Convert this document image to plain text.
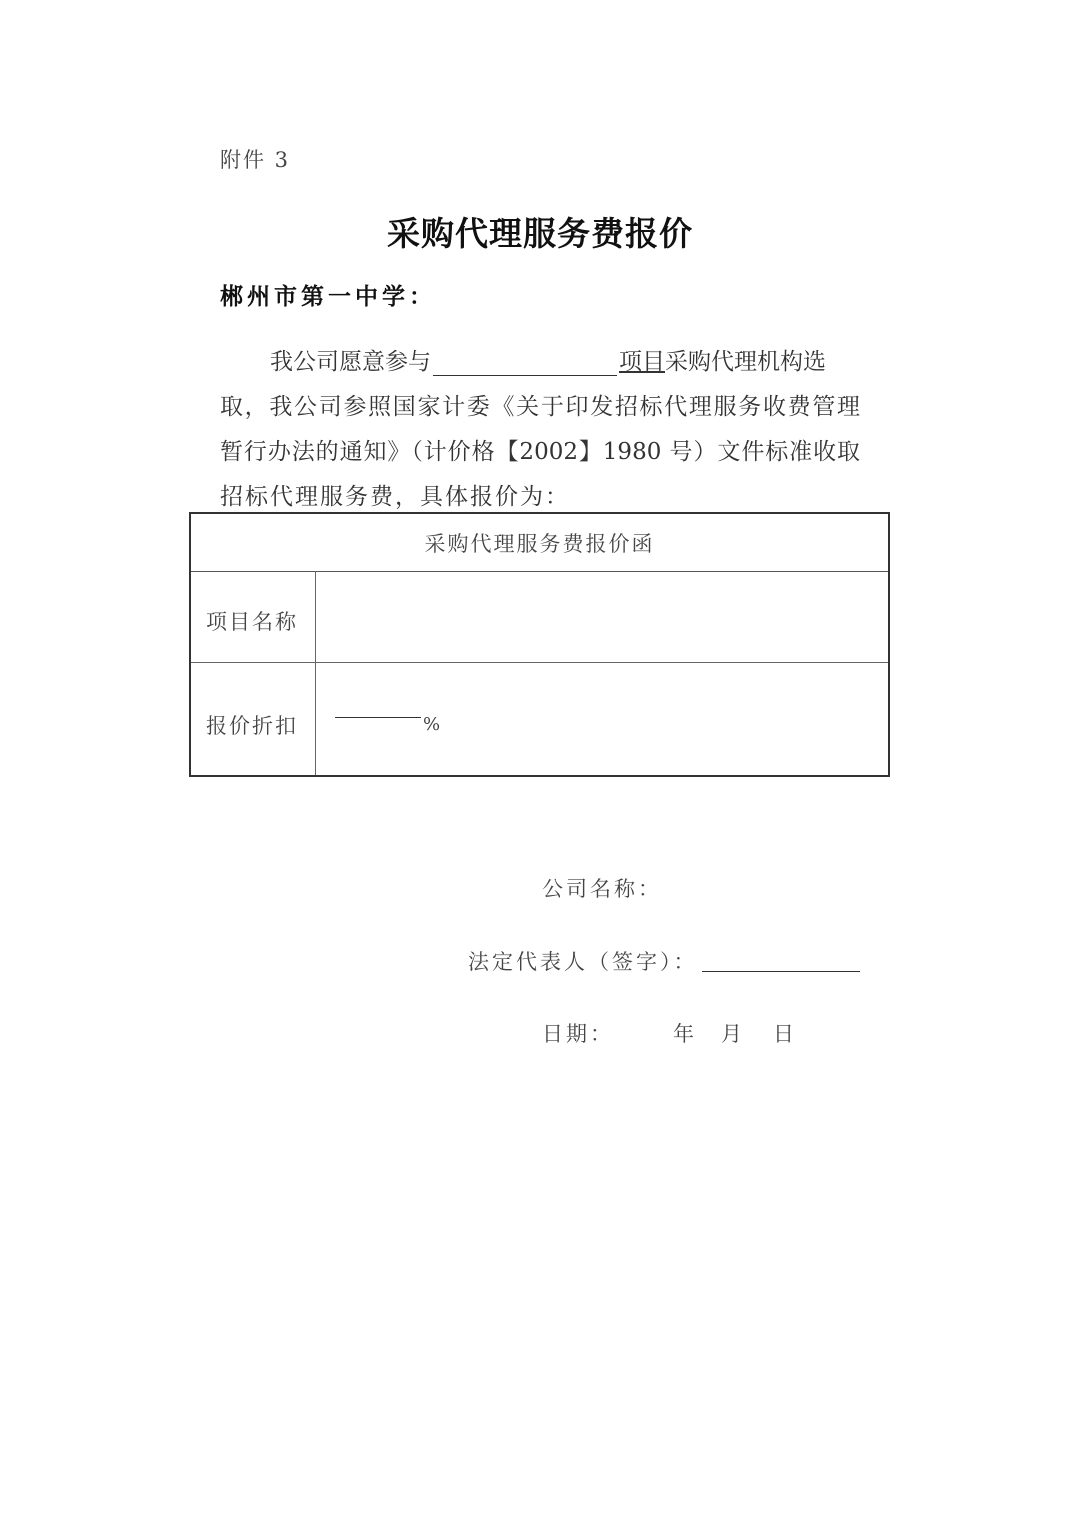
附件 3
采购代理服务费报价
郴州市第一中学：
我公司愿意参与	项目采购代理机构选
取，我公司参照国家计委《关于印发招标代理服务收费管理
暂行办法的通知》（计价格【2002】1980 号）文件标准收取
招标代理服务费，具体报价为：
采购代理服务费报价函
项目名称
报价折扣	%
公司名称：
法定代表人（签字）：
日期：	年 月 日
